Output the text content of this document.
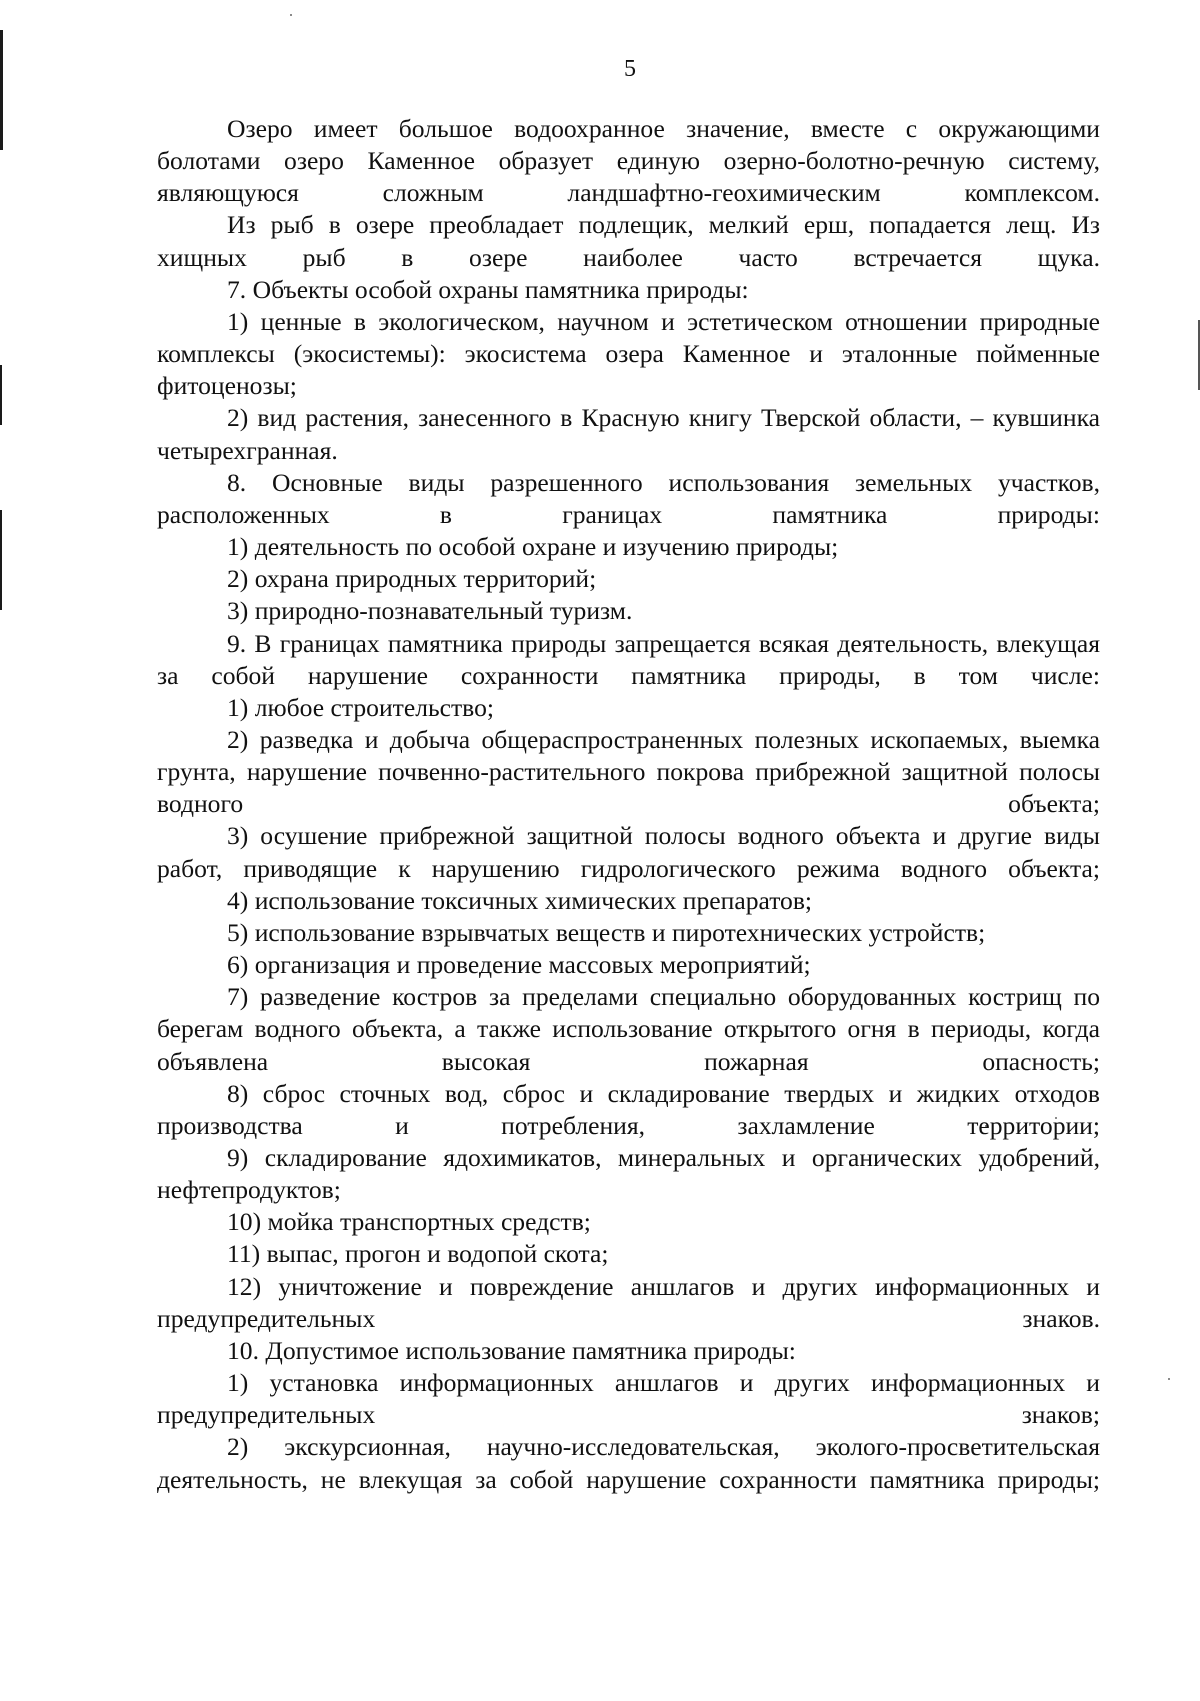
5

Озеро имеет большое водоохранное значение, вместе с окружающими болотами озеро Каменное образует единую озерно-болотно-речную систему, являющуюся сложным ландшафтно-геохимическим комплексом.

Из рыб в озере преобладает подлещик, мелкий ерш, попадается лещ. Из хищных рыб в озере наиболее часто встречается щука.

7. Объекты особой охраны памятника природы:

1) ценные в экологическом, научном и эстетическом отношении природные комплексы (экосистемы): экосистема озера Каменное и эталонные пойменные фитоценозы;

2) вид растения, занесенного в Красную книгу Тверской области, – кувшинка четырехгранная.

8. Основные виды разрешенного использования земельных участков, расположенных в границах памятника природы:

1) деятельность по особой охране и изучению природы;

2) охрана природных территорий;

3) природно-познавательный туризм.

9. В границах памятника природы запрещается всякая деятельность, влекущая за собой нарушение сохранности памятника природы, в том числе:

1) любое строительство;

2) разведка и добыча общераспространенных полезных ископаемых, выемка грунта, нарушение почвенно-растительного покрова прибрежной защитной полосы водного объекта;

3) осушение прибрежной защитной полосы водного объекта и другие виды работ, приводящие к нарушению гидрологического режима водного объекта;

4) использование токсичных химических препаратов;

5) использование взрывчатых веществ и пиротехнических устройств;

6) организация и проведение массовых мероприятий;

7) разведение костров за пределами специально оборудованных кострищ по берегам водного объекта, а также использование открытого огня в периоды, когда объявлена высокая пожарная опасность;

8) сброс сточных вод, сброс и складирование твердых и жидких отходов производства и потребления, захламление территории;

9) складирование ядохимикатов, минеральных и органических удобрений, нефтепродуктов;

10) мойка транспортных средств;

11) выпас, прогон и водопой скота;

12) уничтожение и повреждение аншлагов и других информационных и предупредительных знаков.

10. Допустимое использование памятника природы:

1) установка информационных аншлагов и других информационных и предупредительных знаков;

2) экскурсионная, научно-исследовательская, эколого-просветительская деятельность, не влекущая за собой нарушение сохранности памятника природы;
